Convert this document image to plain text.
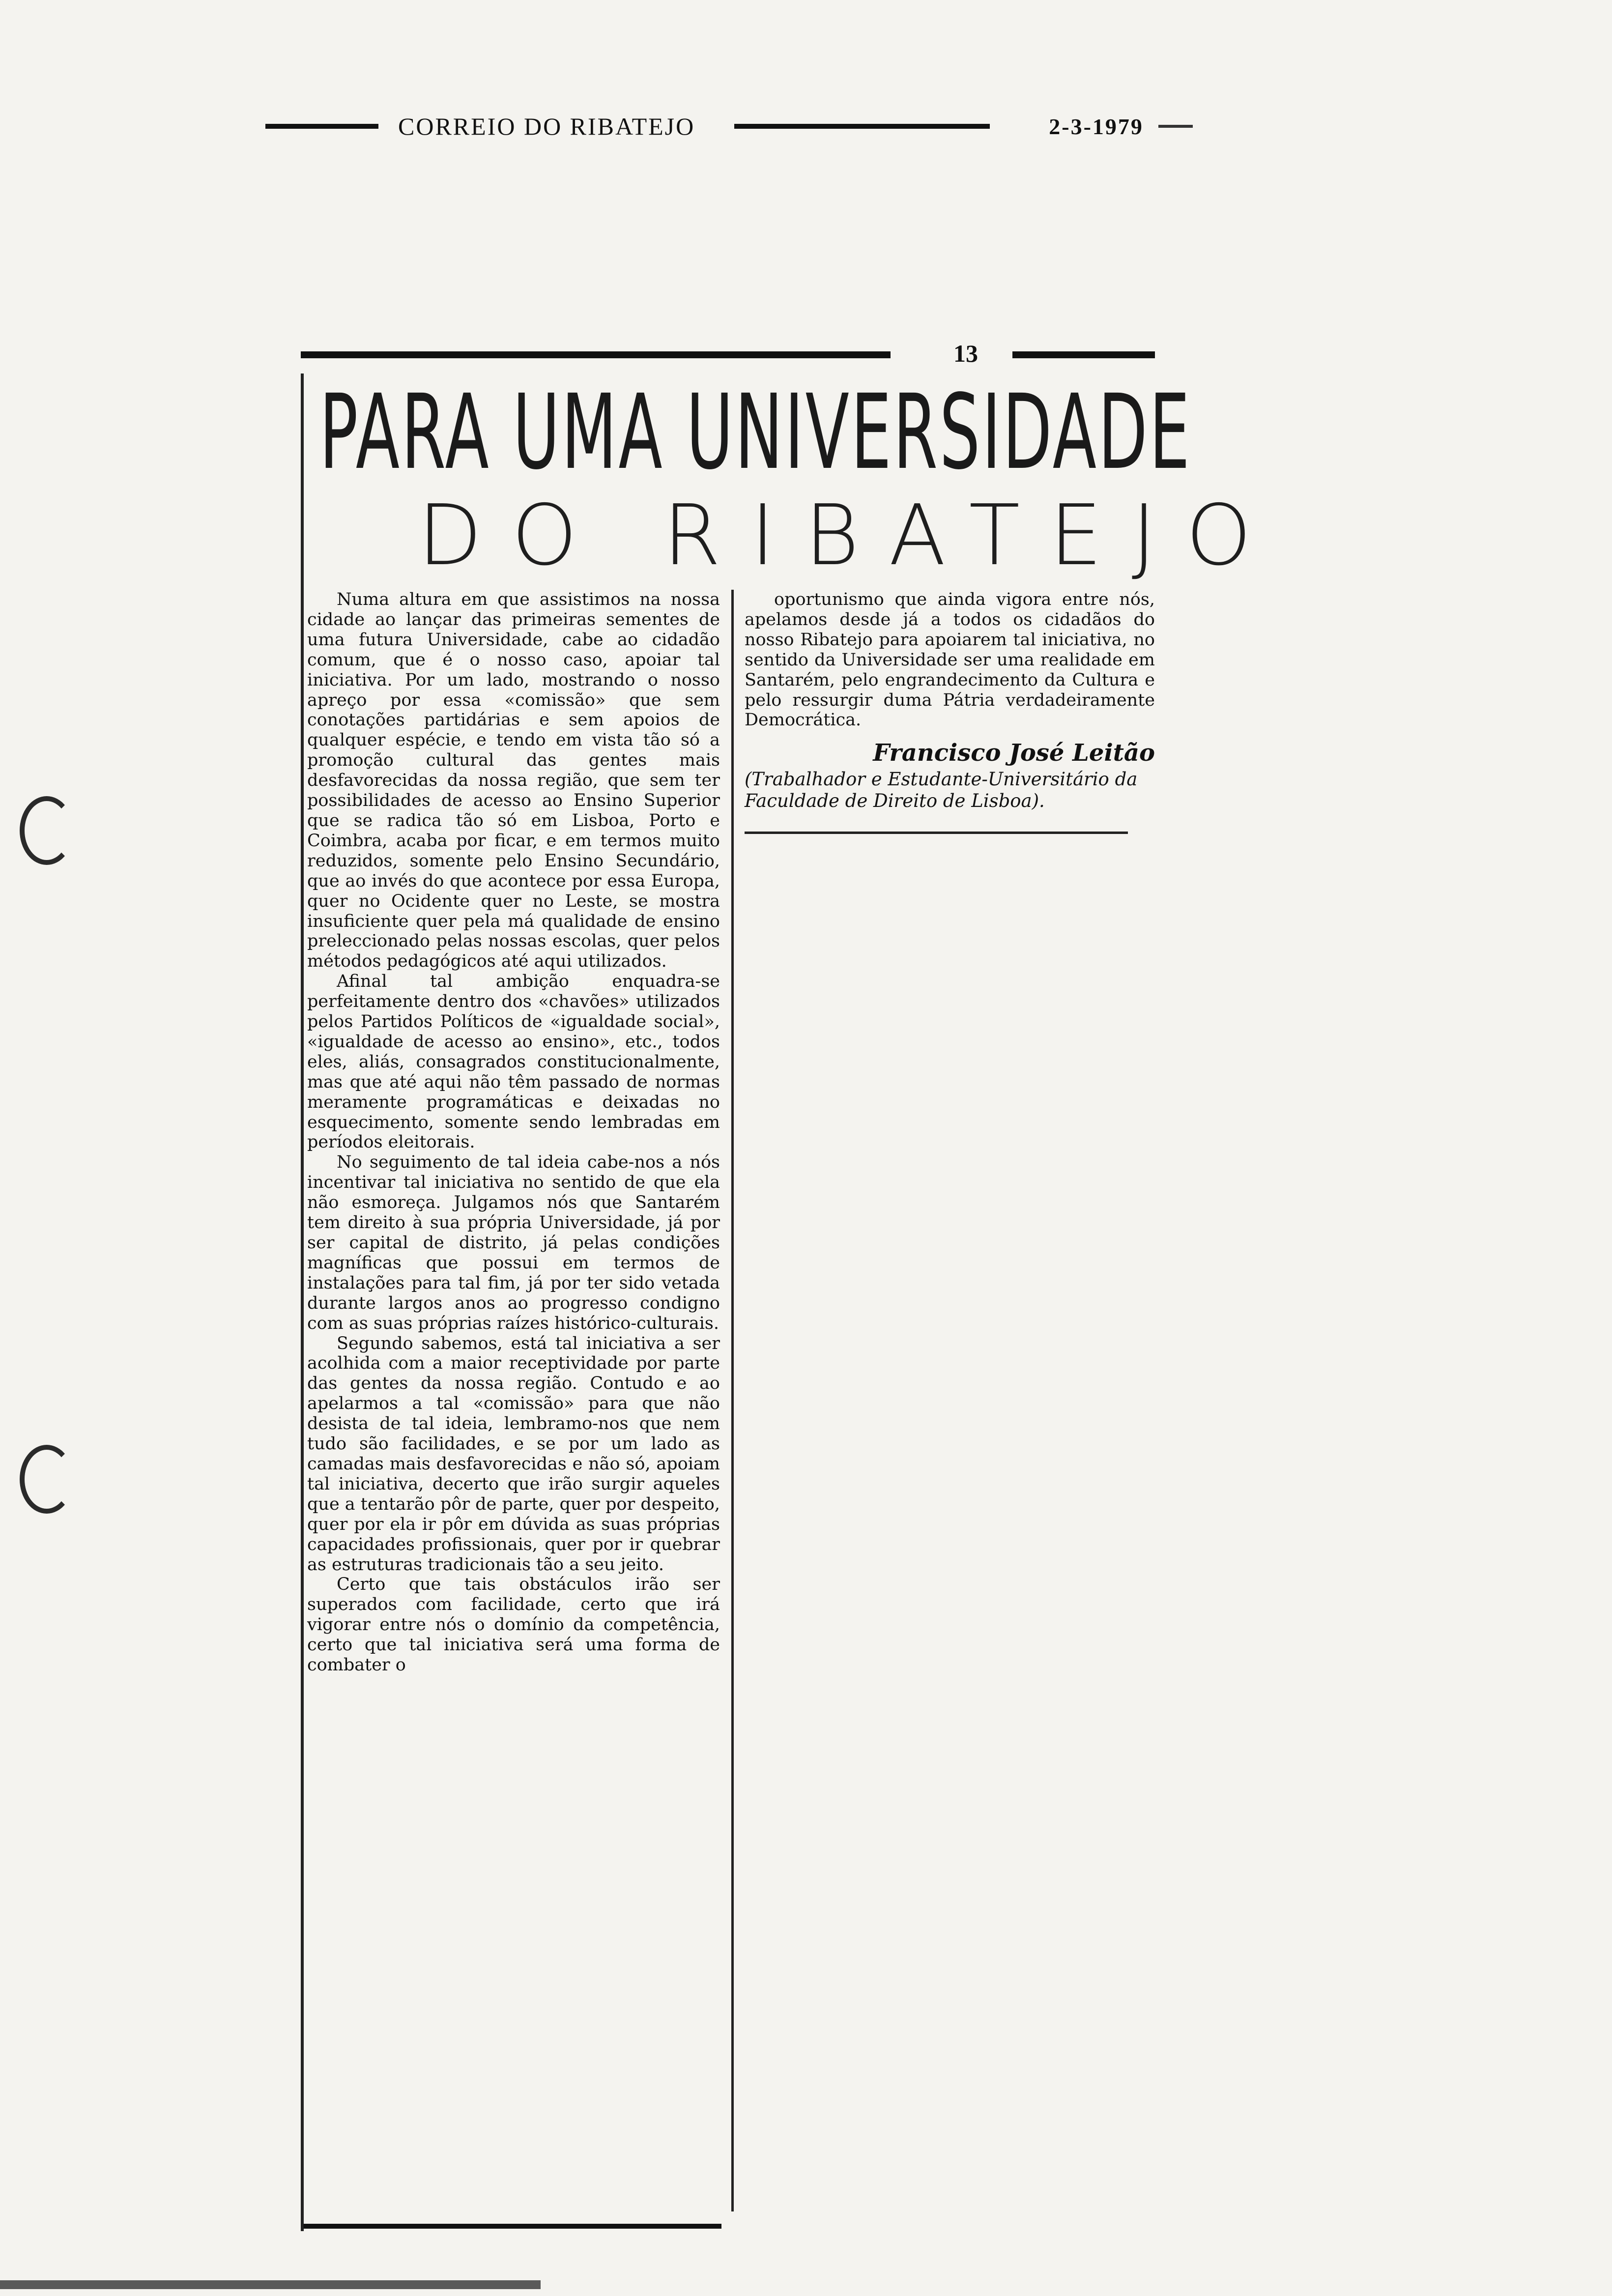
CORREIO DO RIBATEJO	2-3-1979
13
PARA UMA UNIVERSIDADE
DO RIBATEJO

Numa altura em que assistimos na nossa cidade ao lançar das primeiras sementes de uma futura Universidade, cabe ao cidadão comum, que é o nosso caso, apoiar tal iniciativa. Por um lado, mostrando o nosso apreço por essa «comissão» que sem conotações partidárias e sem apoios de qualquer espécie, e tendo em vista tão só a promoção cultural das gentes mais desfavorecidas da nossa região, que sem ter possibilidades de acesso ao Ensino Superior que se radica tão só em Lisboa, Porto e Coimbra, acaba por ficar, e em termos muito reduzidos, somente pelo Ensino Secundário, que ao invés do que acontece por essa Europa, quer no Ocidente quer no Leste, se mostra insuficiente quer pela má qualidade de ensino preleccionado pelas nossas escolas, quer pelos métodos pedagógicos até aqui utilizados.

Afinal tal ambição enquadra-se perfeitamente dentro dos «chavões» utilizados pelos Partidos Políticos de «igualdade social», «igualdade de acesso ao ensino», etc., todos eles, aliás, consagrados constitucionalmente, mas que até aqui não têm passado de normas meramente programáticas e deixadas no esquecimento, somente sendo lembradas em períodos eleitorais.

No seguimento de tal ideia cabe-nos a nós incentivar tal iniciativa no sentido de que ela não esmoreça. Julgamos nós que Santarém tem direito à sua própria Universidade, já por ser capital de distrito, já pelas condições magníficas que possui em termos de instalações para tal fim, já por ter sido vetada durante largos anos ao progresso condigno com as suas próprias raízes histórico-culturais.

Segundo sabemos, está tal iniciativa a ser acolhida com a maior receptividade por parte das gentes da nossa região. Contudo e ao apelarmos a tal «comissão» para que não desista de tal ideia, lembramo-nos que nem tudo são facilidades, e se por um lado as camadas mais desfavorecidas e não só, apoiam tal iniciativa, decerto que irão surgir aqueles que a tentarão pôr de parte, quer por despeito, quer por ela ir pôr em dúvida as suas próprias capacidades profissionais, quer por ir quebrar as estruturas tradicionais tão a seu jeito.

Certo que tais obstáculos irão ser superados com facilidade, certo que irá vigorar entre nós o domínio da competência, certo que tal iniciativa será uma forma de combater o

oportunismo que ainda vigora entre nós, apelamos desde já a todos os cidadãos do nosso Ribatejo para apoiarem tal iniciativa, no sentido da Universidade ser uma realidade em Santarém, pelo engrandecimento da Cultura e pelo ressurgir duma Pátria verdadeiramente Democrática.

Francisco José Leitão
(Trabalhador e Estudante-Universitário da Faculdade de Direito de Lisboa).
